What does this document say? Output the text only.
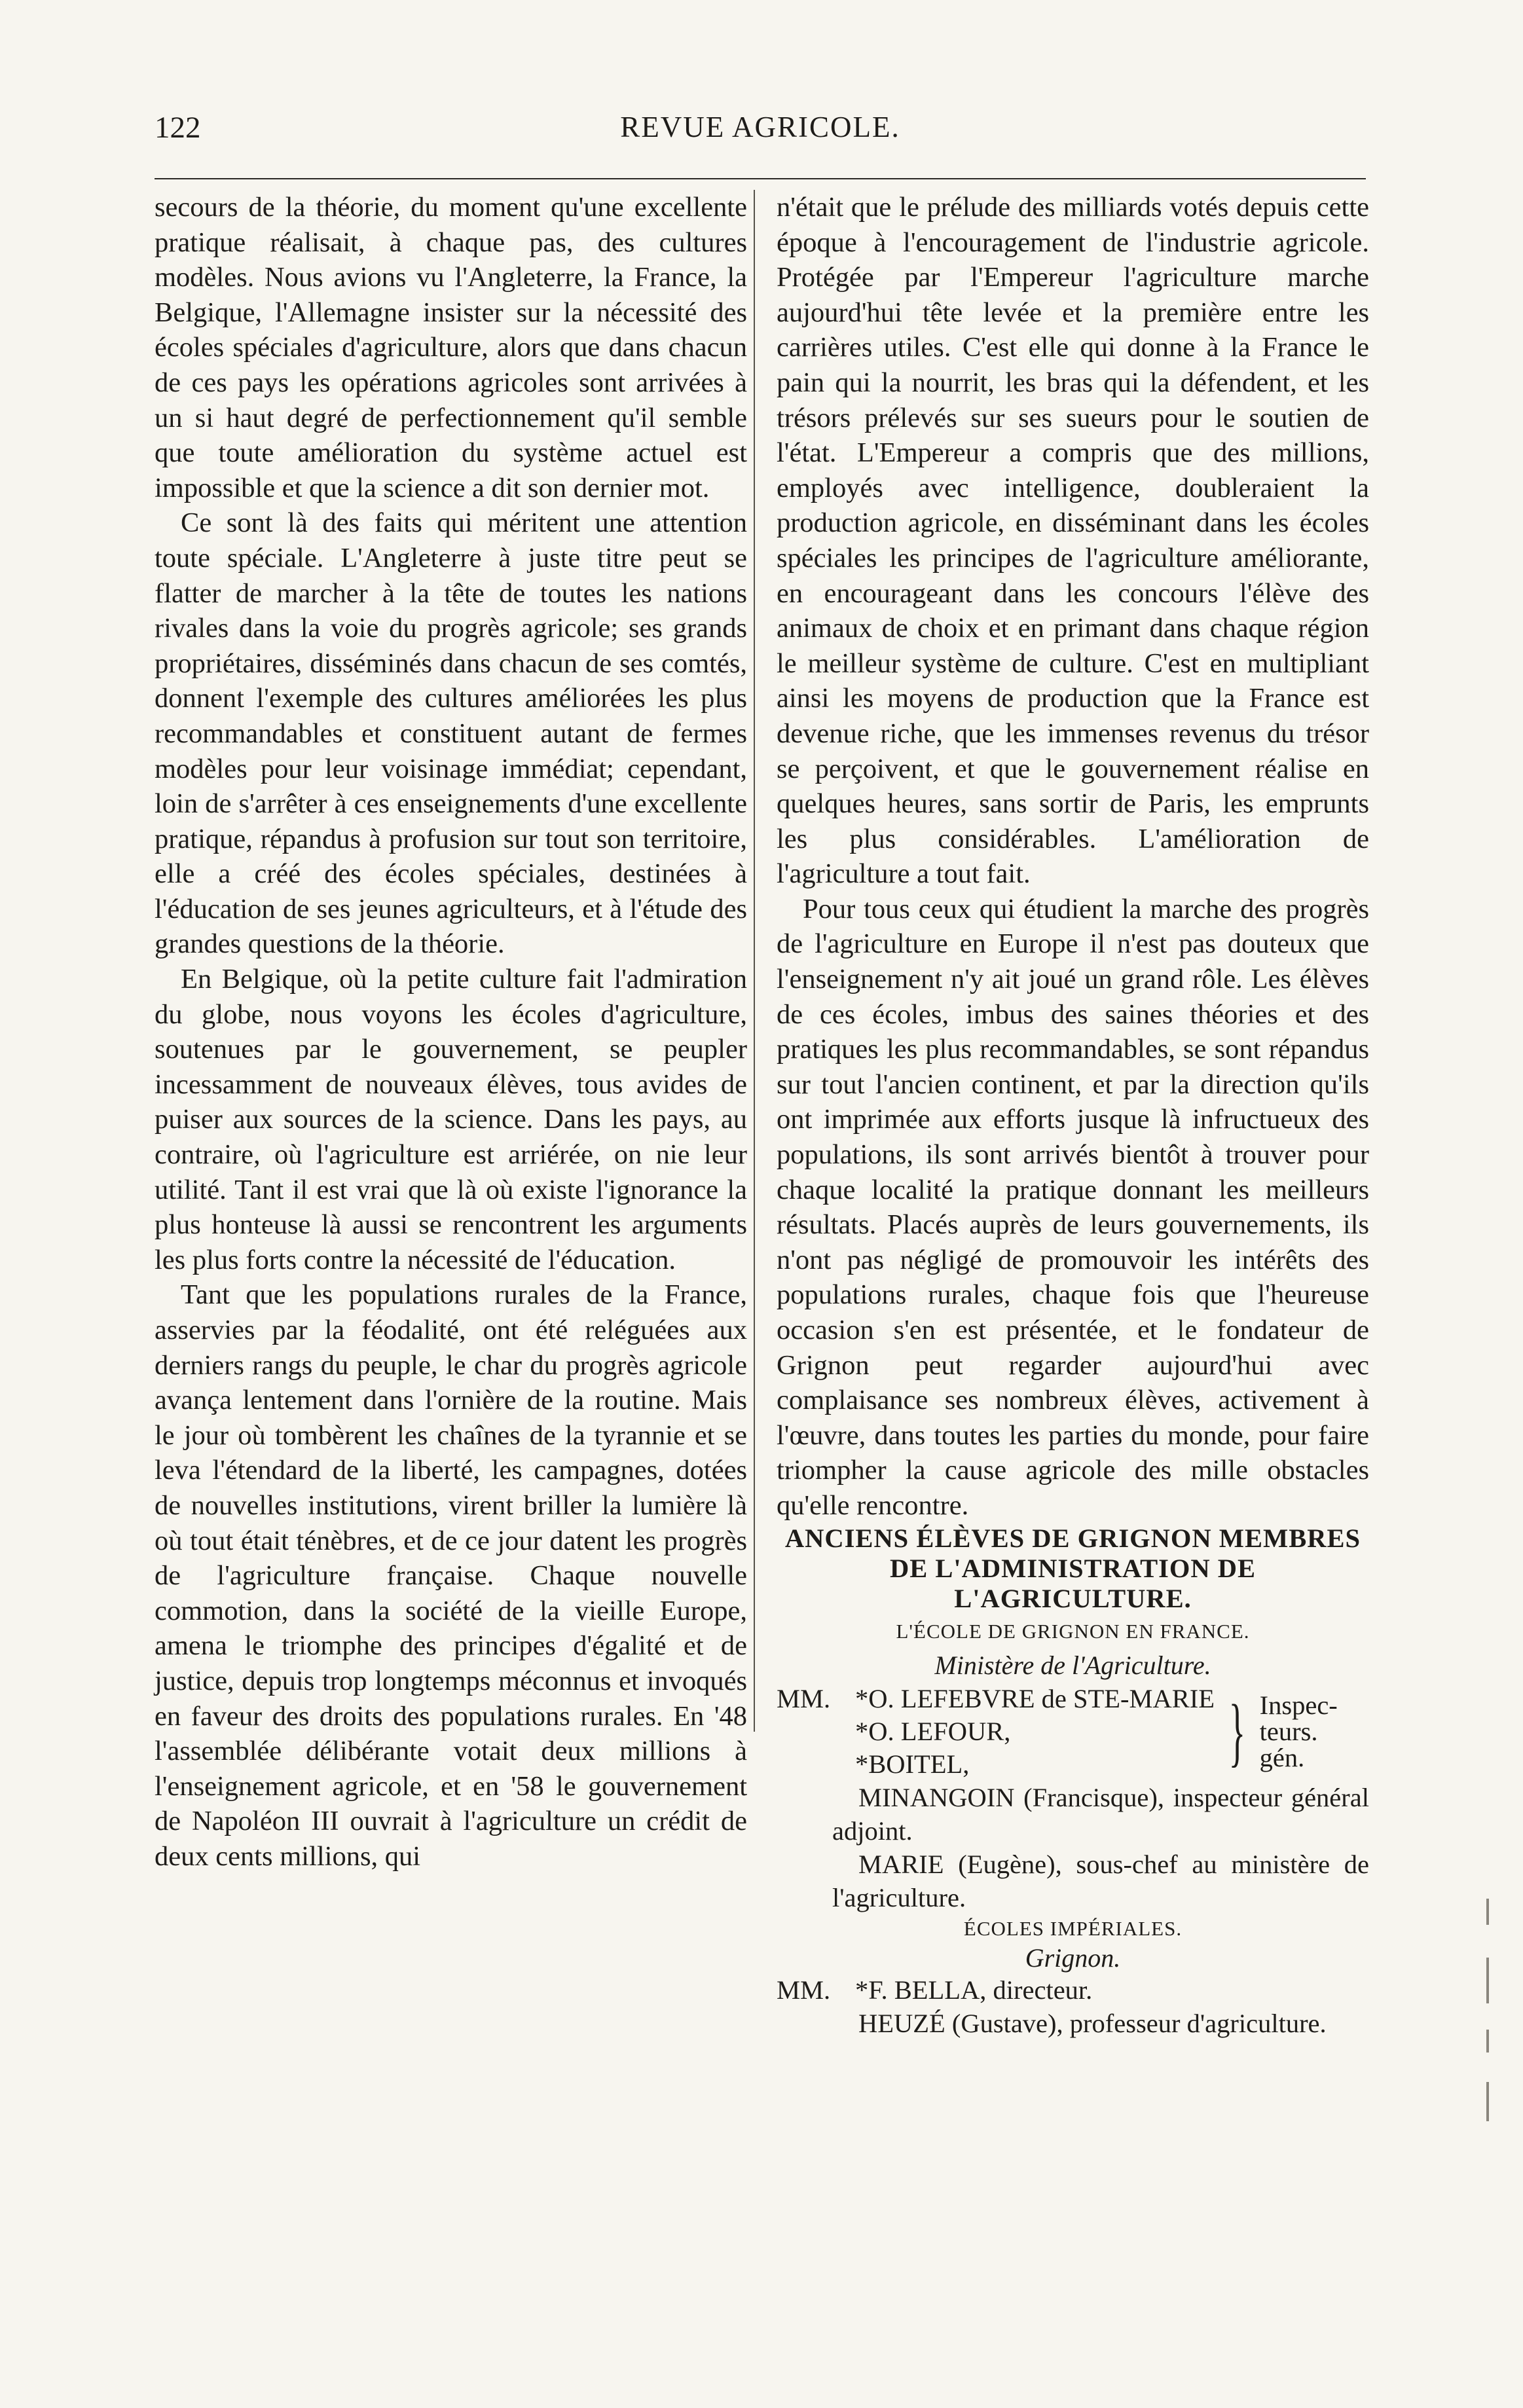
122	REVUE AGRICOLE.

secours de la théorie, du moment qu'une excellente pratique réalisait, à chaque pas, des cultures modèles. Nous avions vu l'Angleterre, la France, la Belgique, l'Allemagne insister sur la nécessité des écoles spéciales d'agriculture, alors que dans chacun de ces pays les opérations agricoles sont arrivées à un si haut degré de perfectionnement qu'il semble que toute amélioration du système actuel est impossible et que la science a dit son dernier mot.

Ce sont là des faits qui méritent une attention toute spéciale. L'Angleterre à juste titre peut se flatter de marcher à la tête de toutes les nations rivales dans la voie du progrès agricole; ses grands propriétaires, disséminés dans chacun de ses comtés, donnent l'exemple des cultures améliorées les plus recommandables et constituent autant de fermes modèles pour leur voisinage immédiat; cependant, loin de s'arrêter à ces enseignements d'une excellente pratique, répandus à profusion sur tout son territoire, elle a créé des écoles spéciales, destinées à l'éducation de ses jeunes agriculteurs, et à l'étude des grandes questions de la théorie.

En Belgique, où la petite culture fait l'admiration du globe, nous voyons les écoles d'agriculture, soutenues par le gouvernement, se peupler incessamment de nouveaux élèves, tous avides de puiser aux sources de la science. Dans les pays, au contraire, où l'agriculture est arriérée, on nie leur utilité. Tant il est vrai que là où existe l'ignorance la plus honteuse là aussi se rencontrent les arguments les plus forts contre la nécessité de l'éducation.

Tant que les populations rurales de la France, asservies par la féodalité, ont été reléguées aux derniers rangs du peuple, le char du progrès agricole avança lentement dans l'ornière de la routine. Mais le jour où tombèrent les chaînes de la tyrannie et se leva l'étendard de la liberté, les campagnes, dotées de nouvelles institutions, virent briller la lumière là où tout était ténèbres, et de ce jour datent les progrès de l'agriculture française. Chaque nouvelle commotion, dans la société de la vieille Europe, amena le triomphe des principes d'égalité et de justice, depuis trop longtemps méconnus et invoqués en faveur des droits des populations rurales. En '48 l'assemblée délibérante votait deux millions à l'enseignement agricole, et en '58 le gouvernement de Napoléon III ouvrait à l'agriculture un crédit de deux cents millions, qui

n'était que le prélude des milliards votés depuis cette époque à l'encouragement de l'industrie agricole. Protégée par l'Empereur l'agriculture marche aujourd'hui tête levée et la première entre les carrières utiles. C'est elle qui donne à la France le pain qui la nourrit, les bras qui la défendent, et les trésors prélevés sur ses sueurs pour le soutien de l'état. L'Empereur a compris que des millions, employés avec intelligence, doubleraient la production agricole, en disséminant dans les écoles spéciales les principes de l'agriculture améliorante, en encourageant dans les concours l'élève des animaux de choix et en primant dans chaque région le meilleur système de culture. C'est en multipliant ainsi les moyens de production que la France est devenue riche, que les immenses revenus du trésor se perçoivent, et que le gouvernement réalise en quelques heures, sans sortir de Paris, les emprunts les plus considérables. L'amélioration de l'agriculture a tout fait.

Pour tous ceux qui étudient la marche des progrès de l'agriculture en Europe il n'est pas douteux que l'enseignement n'y ait joué un grand rôle. Les élèves de ces écoles, imbus des saines théories et des pratiques les plus recommandables, se sont répandus sur tout l'ancien continent, et par la direction qu'ils ont imprimée aux efforts jusque là infructueux des populations, ils sont arrivés bientôt à trouver pour chaque localité la pratique donnant les meilleurs résultats. Placés auprès de leurs gouvernements, ils n'ont pas négligé de promouvoir les intérêts des populations rurales, chaque fois que l'heureuse occasion s'en est présentée, et le fondateur de Grignon peut regarder aujourd'hui avec complaisance ses nombreux élèves, activement à l'œuvre, dans toutes les parties du monde, pour faire triompher la cause agricole des mille obstacles qu'elle rencontre.

ANCIENS ÉLÈVES DE GRIGNON MEMBRES DE L'ADMINISTRATION DE L'AGRICULTURE.
L'ÉCOLE DE GRIGNON EN FRANCE.
Ministère de l'Agriculture.
MM. *O. LEFEBVRE de STE-MARIE
*O. LEFOUR,
*BOITEL,	} Inspec-
teurs.
gén.

MINANGOIN (Francisque), inspecteur général adjoint.

MARIE (Eugène), sous-chef au ministère de l'agriculture.

ÉCOLES IMPÉRIALES.
Grignon.
MM. *F. BELLA, directeur.

HEUZÉ (Gustave), professeur d'agriculture.
